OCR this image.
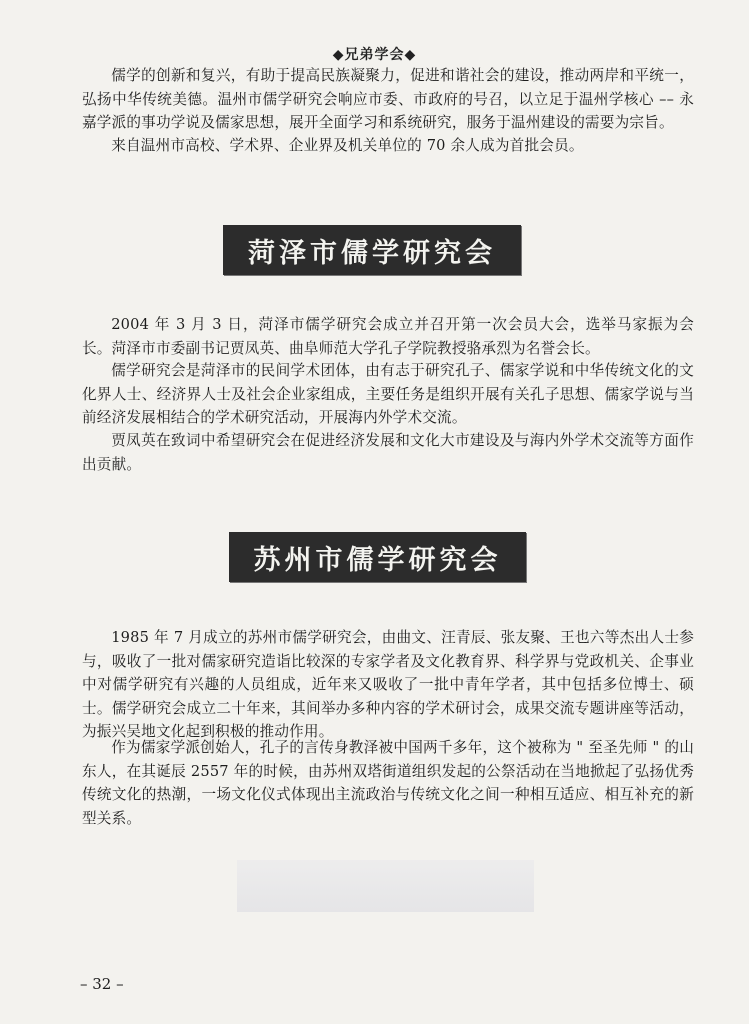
◆兄弟学会◆

儒学的创新和复兴，有助于提高民族凝聚力，促进和谐社会的建设，推动两岸和平统一，弘扬中华传统美德。温州市儒学研究会响应市委、市政府的号召，以立足于温州学核心 –– 永嘉学派的事功学说及儒家思想，展开全面学习和系统研究，服务于温州建设的需要为宗旨。

来自温州市高校、学术界、企业界及机关单位的 70 余人成为首批会员。

菏泽市儒学研究会

2004 年 3 月 3 日，菏泽市儒学研究会成立并召开第一次会员大会，选举马家振为会长。菏泽市市委副书记贾凤英、曲阜师范大学孔子学院教授骆承烈为名誉会长。

儒学研究会是菏泽市的民间学术团体，由有志于研究孔子、儒家学说和中华传统文化的文化界人士、经济界人士及社会企业家组成，主要任务是组织开展有关孔子思想、儒家学说与当前经济发展相结合的学术研究活动，开展海内外学术交流。

贾凤英在致词中希望研究会在促进经济发展和文化大市建设及与海内外学术交流等方面作出贡献。

苏州市儒学研究会

1985 年 7 月成立的苏州市儒学研究会，由曲文、汪青辰、张友聚、王也六等杰出人士参与，吸收了一批对儒家研究造诣比较深的专家学者及文化教育界、科学界与党政机关、企事业中对儒学研究有兴趣的人员组成，近年来又吸收了一批中青年学者，其中包括多位博士、硕士。儒学研究会成立二十年来，其间举办多种内容的学术研讨会，成果交流专题讲座等活动，为振兴吴地文化起到积极的推动作用。

作为儒家学派创始人，孔子的言传身教泽被中国两千多年，这个被称为 " 至圣先师 " 的山东人，在其诞辰 2557 年的时候，由苏州双塔街道组织发起的公祭活动在当地掀起了弘扬优秀传统文化的热潮，一场文化仪式体现出主流政治与传统文化之间一种相互适应、相互补充的新型关系。

– 32 –
